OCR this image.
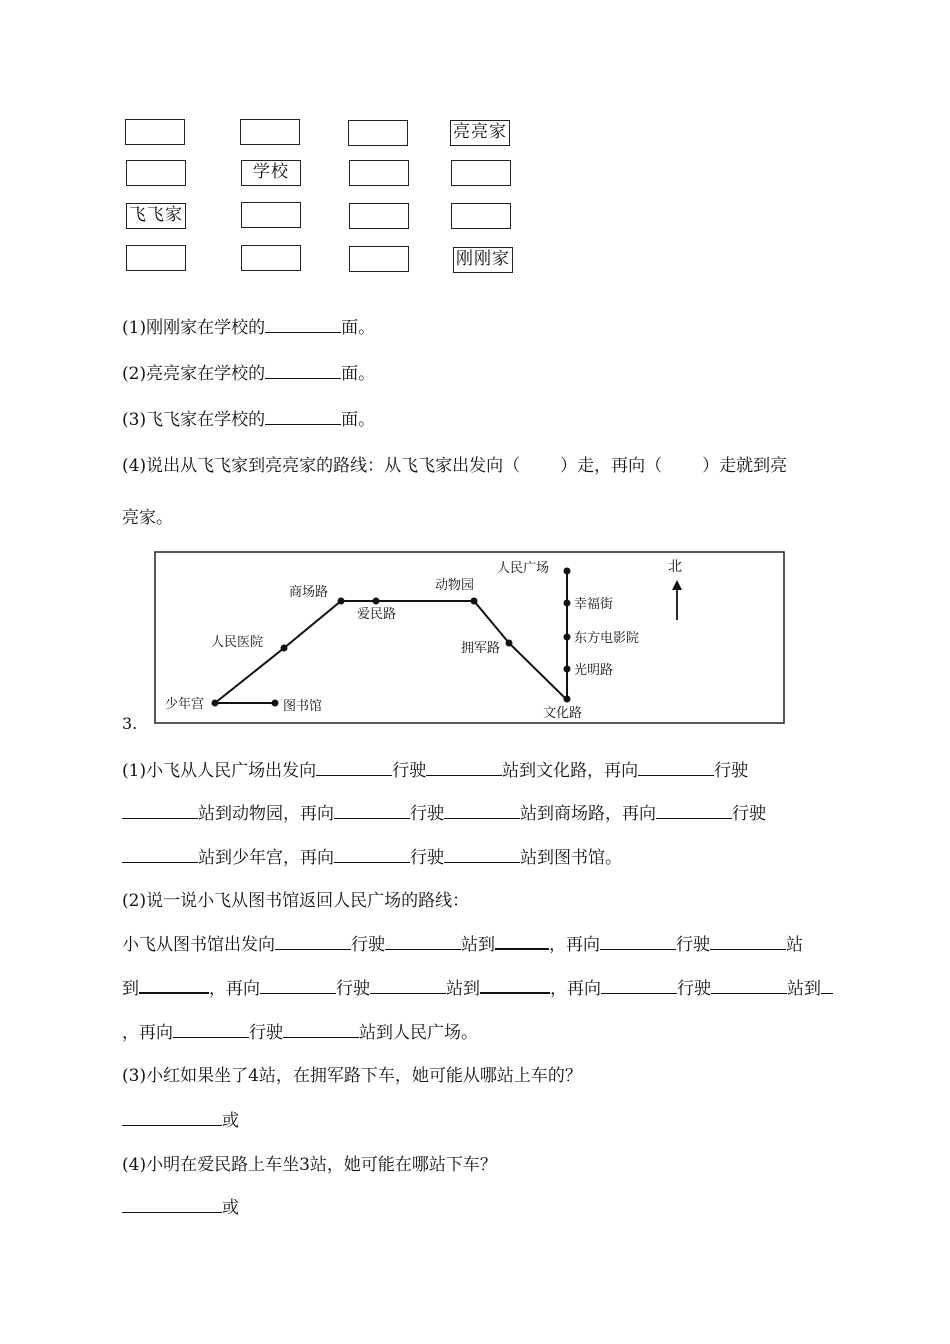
亮亮家
学校
飞飞家
刚刚家
(1)刚刚家在学校的	面。
(2)亮亮家在学校的	面。
(3)飞飞家在学校的	面。
(4)说出从飞飞家到亮亮家的路线：从飞飞家出发向（ ）走，再向（ ）走就到亮
亮家。
人民广场
幸福街
东方电影院
光明路
文化路
拥军路
动物园
爱民路
商场路
人民医院
少年宫	图书馆
北
3.
(1)小飞从人民广场出发向	行驶	站到文化路，再向	行驶
站到动物园，再向	行驶	站到商场路，再向	行驶
站到少年宫，再向	行驶	站到图书馆。
(2)说一说小飞从图书馆返回人民广场的路线：
小飞从图书馆出发向	行驶	站到	，再向	行驶	站
到	，再向	行驶	站到	，再向	行驶	站到
，再向	行驶	站到人民广场。
(3)小红如果坐了4站，在拥军路下车，她可能从哪站上车的？
或
(4)小明在爱民路上车坐3站，她可能在哪站下车？
或
